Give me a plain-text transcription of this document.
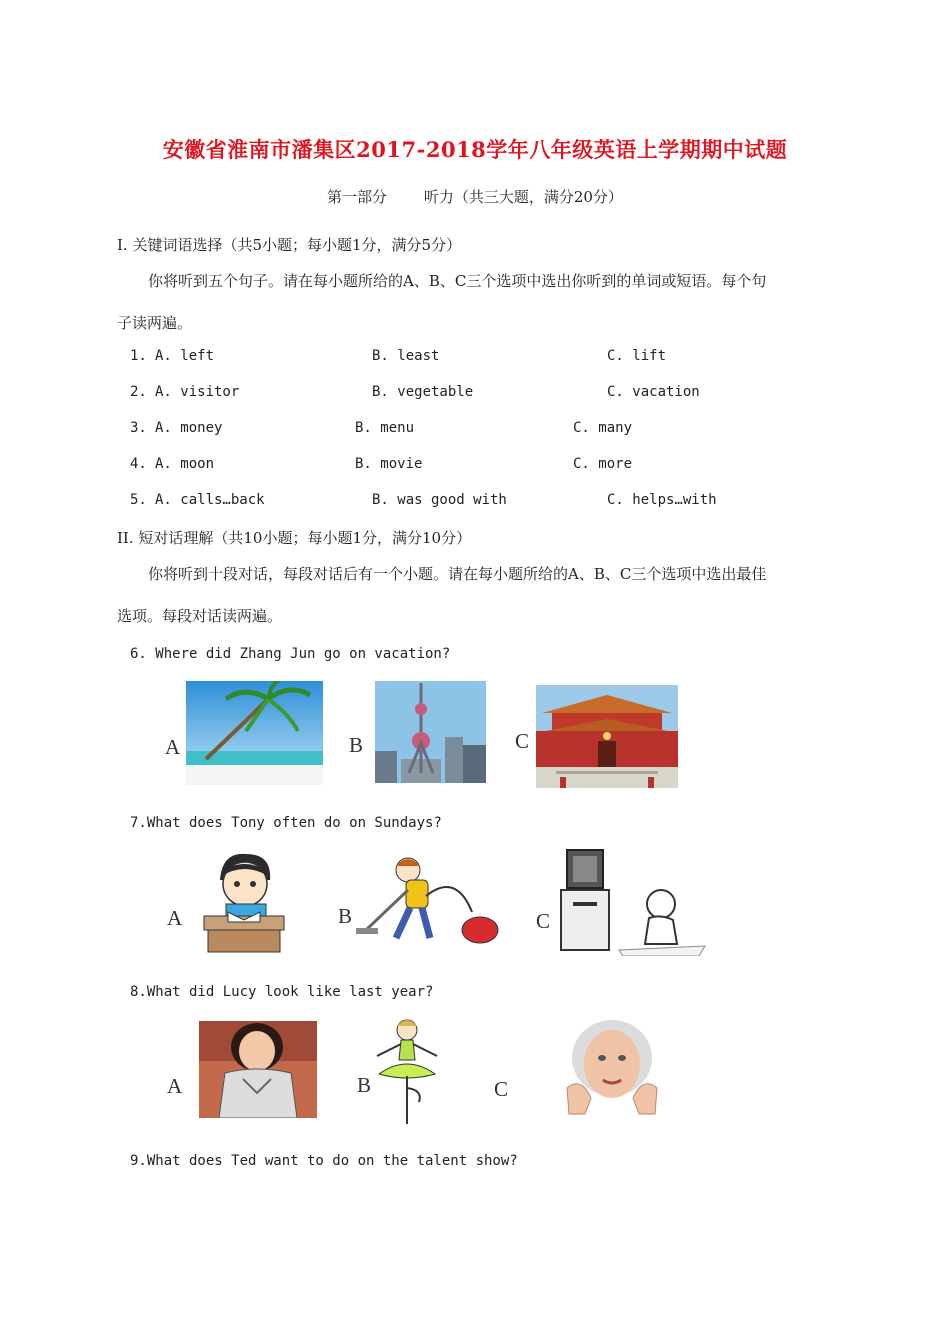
安徽省淮南市潘集区2017-2018学年八年级英语上学期期中试题
第一部分 听力（共三大题，满分20分）
I. 关键词语选择（共5小题；每小题1分，满分5分）
你将听到五个句子。请在每小题所给的A、B、C三个选项中选出你听到的单词或短语。每个句
子读两遍。
1. A. left	B. least	C. lift
2. A. visitor	B. vegetable	C. vacation
3. A. money	B. menu	C. many
4. A. moon	B. movie	C. more
5. A. calls…back	B. was good with	C. helps…with
II. 短对话理解（共10小题；每小题1分，满分10分）
你将听到十段对话，每段对话后有一个小题。请在每小题所给的A、B、C三个选项中选出最佳
选项。每段对话读两遍。
6. Where did Zhang Jun go on vacation?
A	B	C
7.What does Tony often do on Sundays?
A	B	C
8.What did Lucy look like last year?
A	B	C
9.What does Ted want to do on the talent show?
